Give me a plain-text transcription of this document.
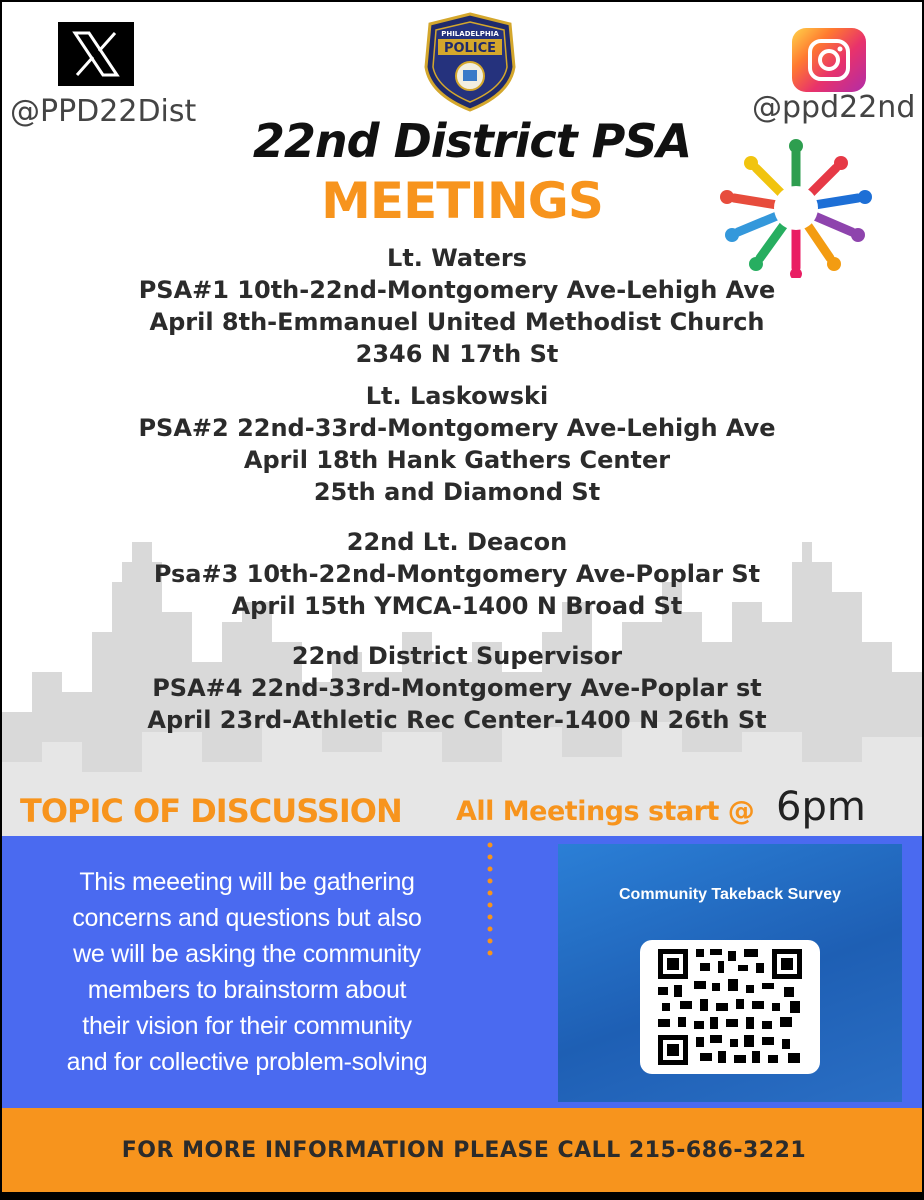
@PPD22Dist
PHILADELPHIA
POLICE
@ppd22nd
22nd District PSA
MEETINGS
Lt. Waters
PSA#1 10th-22nd-Montgomery Ave-Lehigh Ave
April 8th-Emmanuel United Methodist Church
2346 N 17th St
Lt. Laskowski
PSA#2 22nd-33rd-Montgomery Ave-Lehigh Ave
April 18th Hank Gathers Center
25th and Diamond St
22nd Lt. Deacon
Psa#3 10th-22nd-Montgomery Ave-Poplar St
April 15th YMCA-1400 N Broad St
22nd District Supervisor
PSA#4 22nd-33rd-Montgomery Ave-Poplar st
April 23rd-Athletic Rec Center-1400 N 26th St
TOPIC OF DISCUSSION All Meetings start @ 6pm
This meeeting will be gathering
concerns and questions but also
we will be asking the community
members to brainstorm about
their vision for their community
and for collective problem-solving
Community Takeback Survey
FOR MORE INFORMATION PLEASE CALL 215-686-3221
